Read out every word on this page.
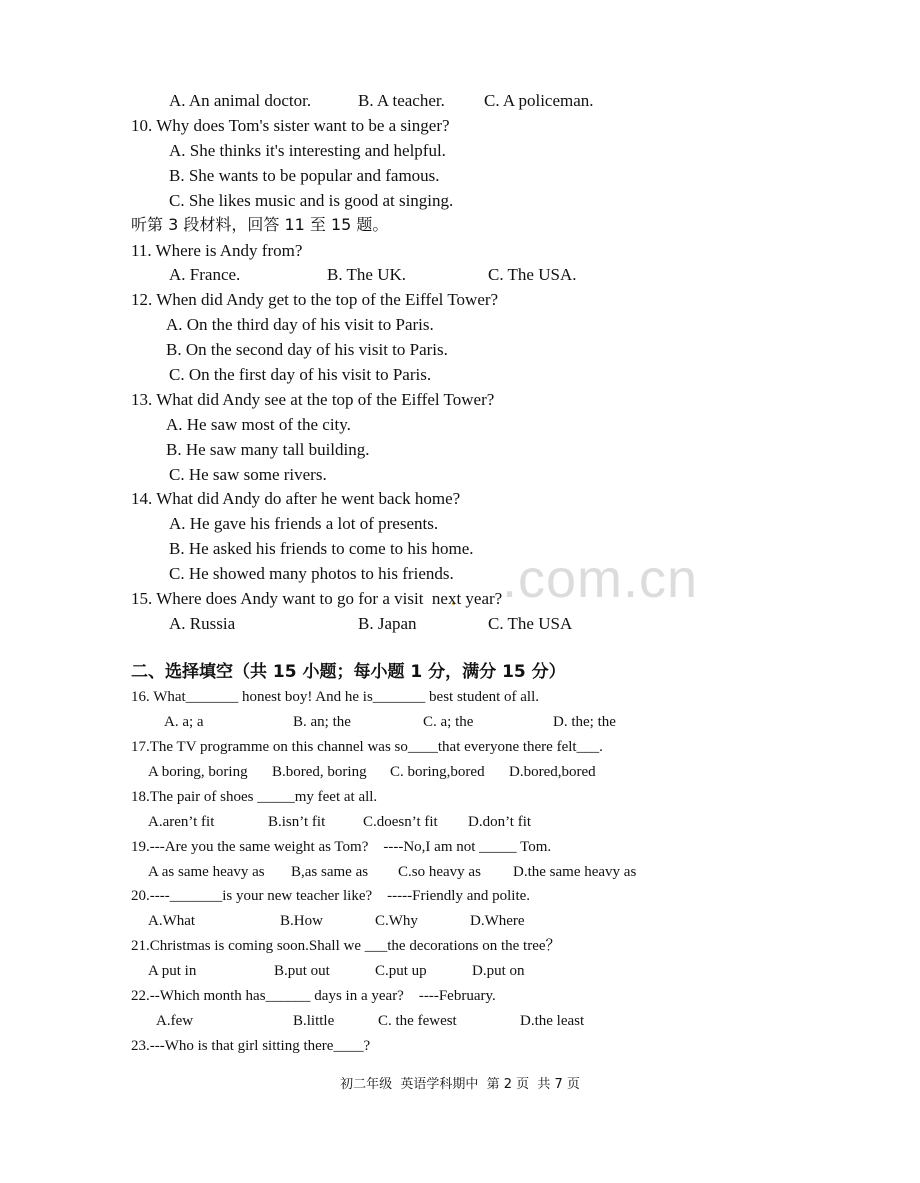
.com.cn
A. An animal doctor.	B. A teacher. C. A policeman.
10. Why does Tom's sister want to be a singer?
A. She thinks it's interesting and helpful.
B. She wants to be popular and famous.
C. She likes music and is good at singing.
听第 3 段材料，回答 11 至 15 题。
11. Where is Andy from?
A. France.	B. The UK.	C. The USA.
12. When did Andy get to the top of the Eiffel Tower?
A. On the third day of his visit to Paris.
B. On the second day of his visit to Paris.
C. On the first day of his visit to Paris.
13. What did Andy see at the top of the Eiffel Tower?
A. He saw most of the city.
B. He saw many tall building.
C. He saw some rivers.
14. What did Andy do after he went back home?
A. He gave his friends a lot of presents.
B. He asked his friends to come to his home.
C. He showed many photos to his friends.
15. Where does Andy want to go for a visit  next year?
A. Russia	B. Japan	C. The USA
二、选择填空（共 15 小题；每小题 1 分，满分 15 分）
16. What_______ honest boy! And he is_______ best student of all.
A. a; a	B. an; the	C. a; the	D. the; the
17.The TV programme on this channel was so____that everyone there felt___.
A boring, boring B.bored, boring C. boring,bored D.bored,bored
18.The pair of shoes _____my feet at all.
A.aren’t fit	B.isn’t fit	C.doesn’t fit D.don’t fit
19.---Are you the same weight as Tom?    ----No,I am not _____ Tom.
A as same heavy as B,as same as C.so heavy as D.the same heavy as
20.----_______is your new teacher like?    -----Friendly and polite.
A.What	B.How	C.Why	D.Where
21.Christmas is coming soon.Shall we ___the decorations on the tree？
A put in	B.put out	C.put up	D.put on
22.--Which month has______ days in a year?    ----February.
A.few	B.little	C. the fewest	D.the least
23.---Who is that girl sitting there____?
初二年级  英语学科期中  第 2 页  共 7 页
